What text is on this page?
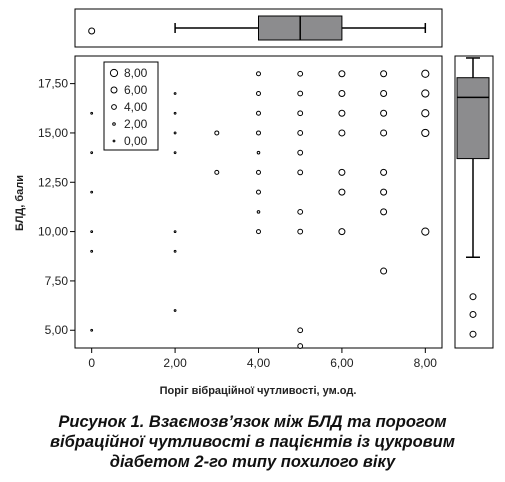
5,00
7,50
10,00
12,50
15,00
17,50
0	2,00	4,00	6,00	8,00
8,00
6,00
4,00
2,00
0,00
Поріг вібраційної чутливості, ум.од.
БЛД, бали
Рисунок 1. Взаємозв’язок між БЛД та порогом
вібраційної чутливості в пацієнтів із цукровим
діабетом 2-го типу похилого віку
